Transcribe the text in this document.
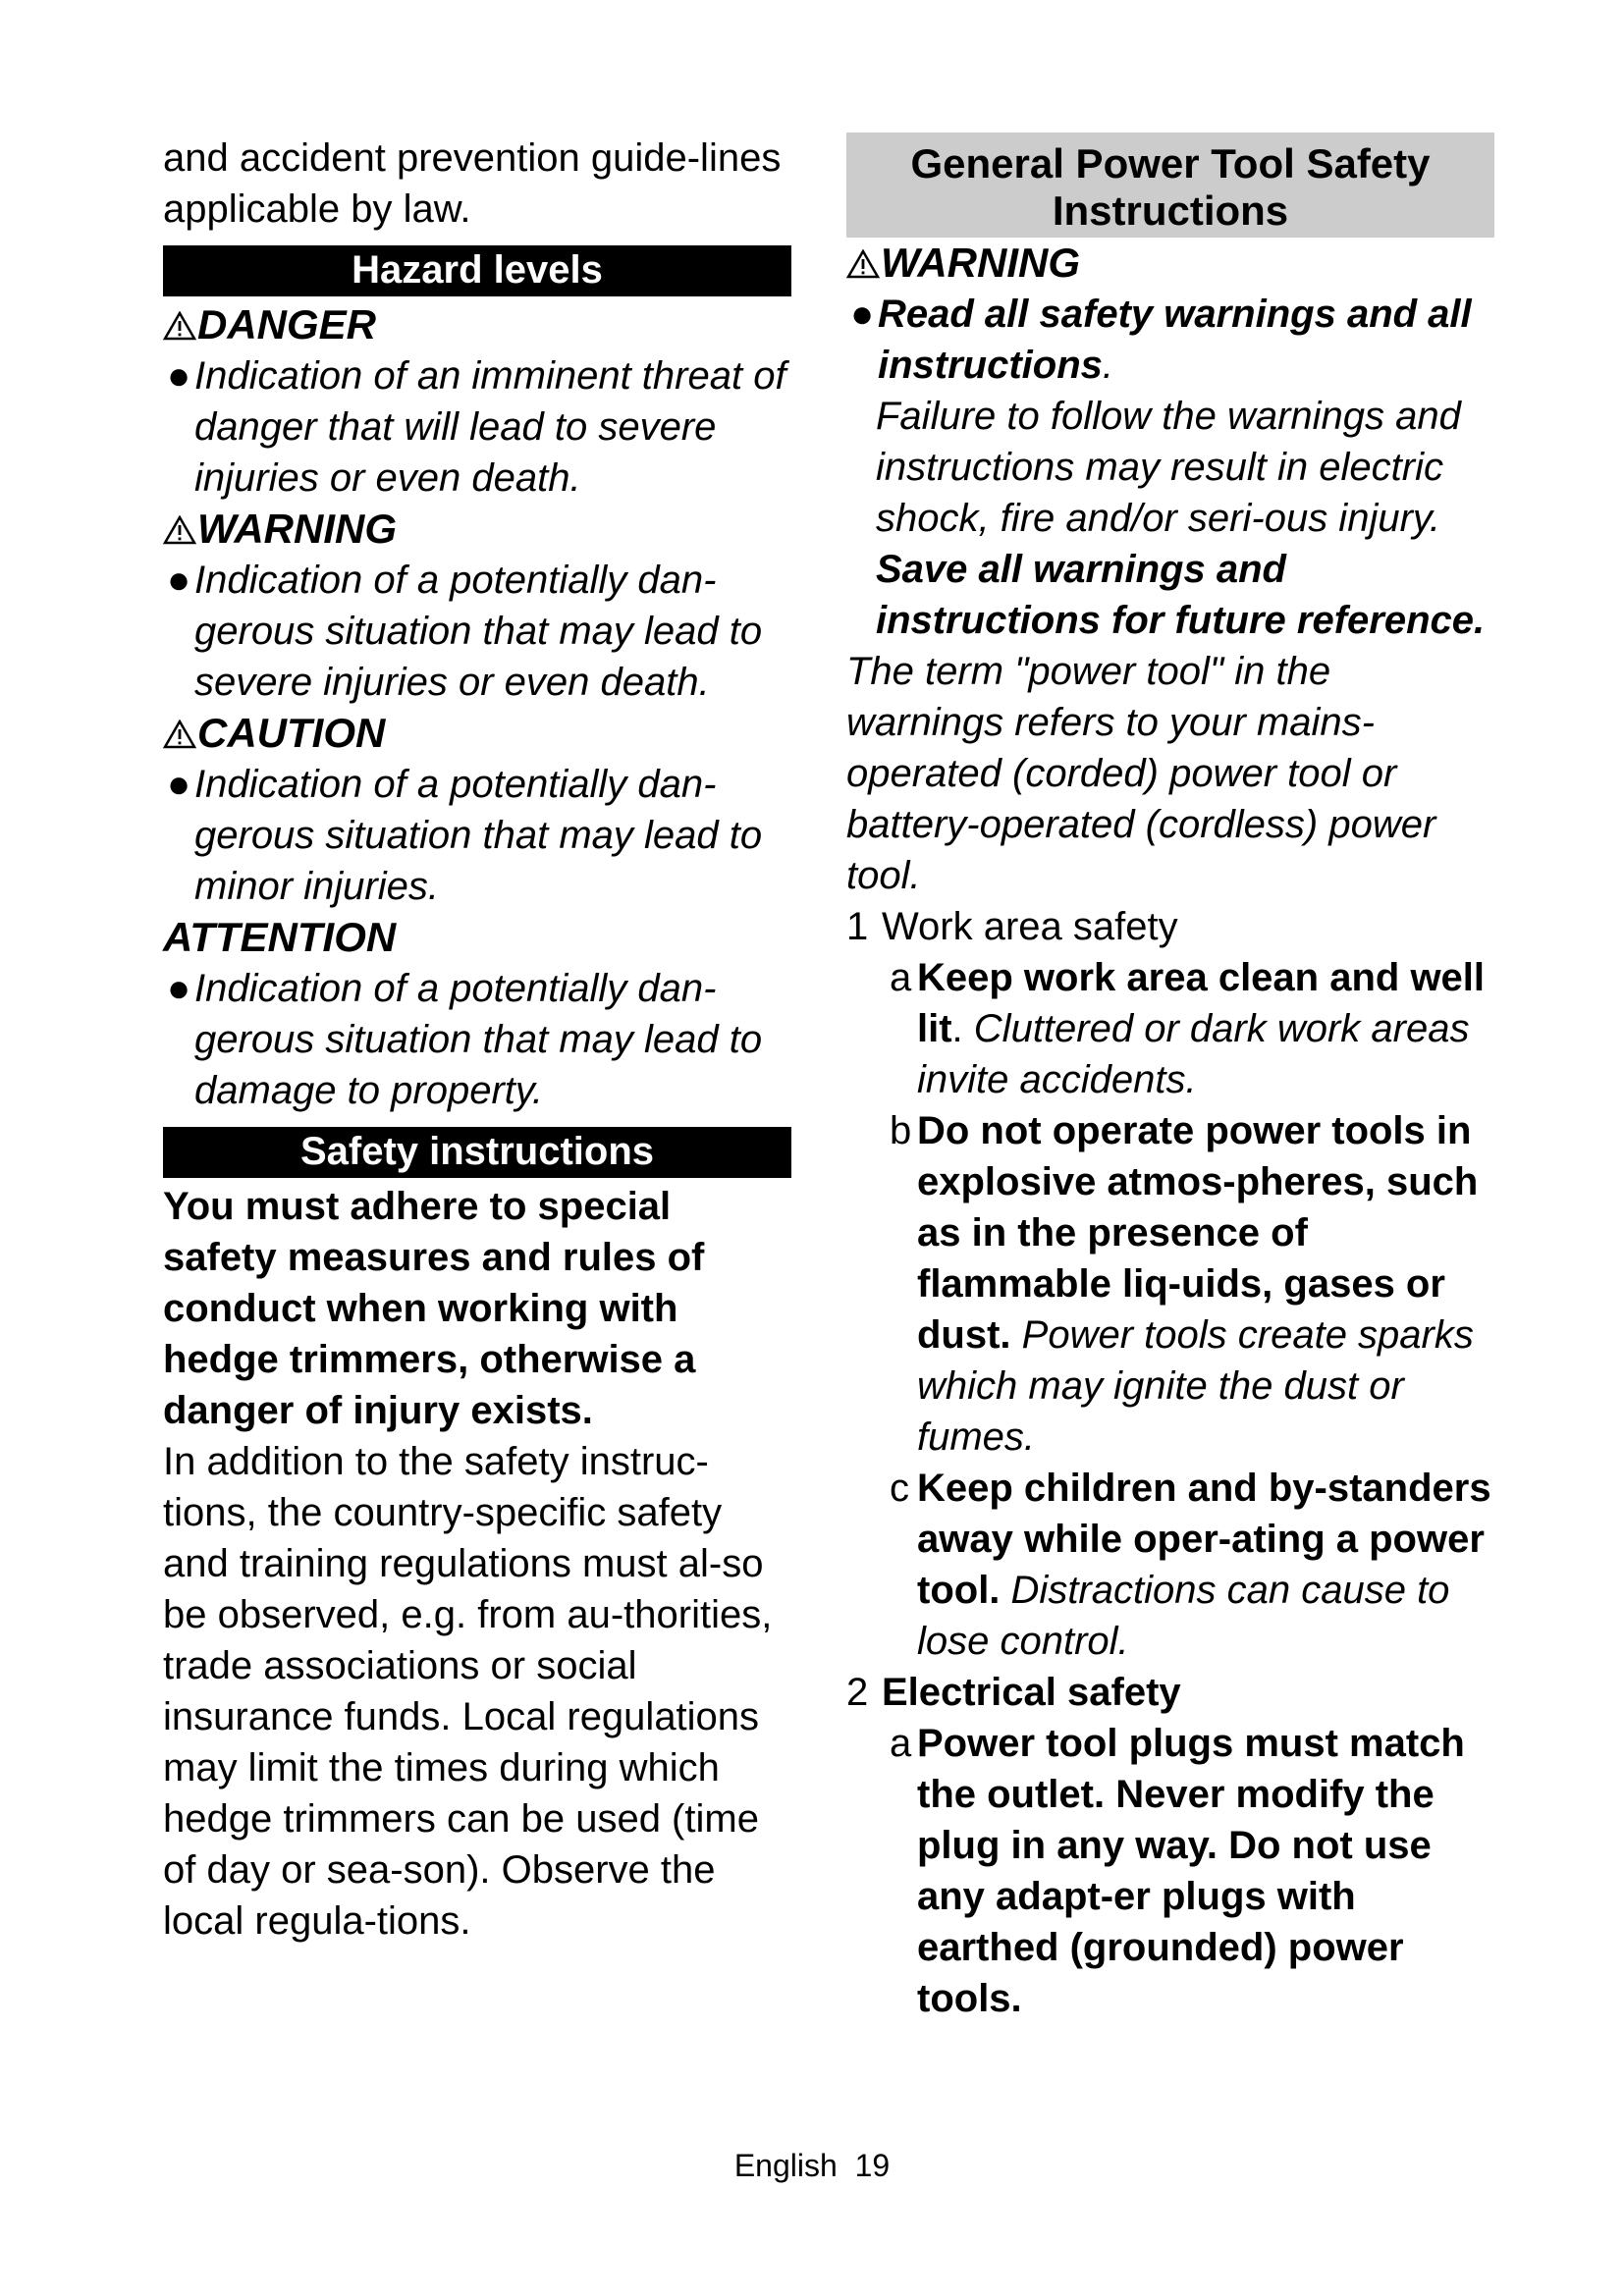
and accident prevention guide-lines applicable by law.

Hazard levels

DANGER

● Indication of an imminent threat of danger that will lead to severe injuries or even death.

WARNING

● Indication of a potentially dan-gerous situation that may lead to severe injuries or even death.

CAUTION

● Indication of a potentially dan-gerous situation that may lead to minor injuries.

ATTENTION

● Indication of a potentially dan-gerous situation that may lead to damage to property.

Safety instructions

You must adhere to special safety measures and rules of conduct when working with hedge trimmers, otherwise a danger of injury exists.

In addition to the safety instruc-tions, the country-specific safety and training regulations must al-so be observed, e.g. from au-thorities, trade associations or social insurance funds. Local regulations may limit the times during which hedge trimmers can be used (time of day or sea-son). Observe the local regula-tions.

General Power Tool Safety Instructions

WARNING

● Read all safety warnings and all instructions.

Failure to follow the warnings and instructions may result in electric shock, fire and/or seri-ous injury. Save all warnings and instructions for future reference.

The term "power tool" in the warnings refers to your mains-operated (corded) power tool or battery-operated (cordless) power tool.

1 Work area safety

a Keep work area clean and well lit. Cluttered or dark work areas invite accidents.

b Do not operate power tools in explosive atmos-pheres, such as in the presence of flammable liq-uids, gases or dust. Power tools create sparks which may ignite the dust or fumes.

c Keep children and by-standers away while oper-ating a power tool. Distractions can cause to lose control.

2 Electrical safety

a Power tool plugs must match the outlet. Never modify the plug in any way. Do not use any adapt-er plugs with earthed (grounded) power tools.

English 19
